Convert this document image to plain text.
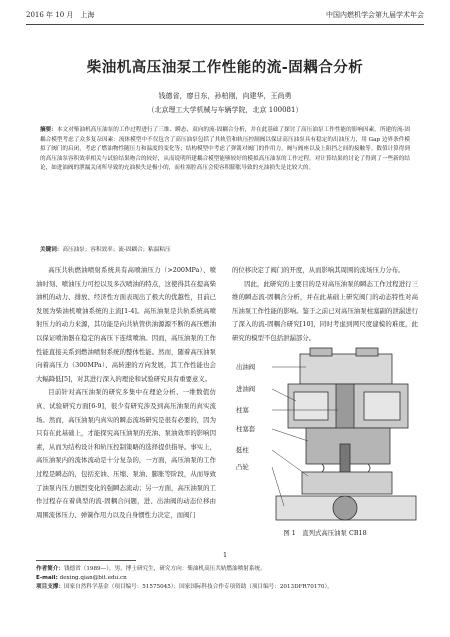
2016 年 10 月　上海	中国内燃机学会第九届学术年会
柴油机高压油泵工作性能的流-固耦合分析
钱德省，廖日东，孙柏刚，向建华，王尚勇
（北京理工大学机械与车辆学院，北京 100081）
摘要：本文对柴油机高压油泵的工作过程进行了三维、瞬态、双向的流-固耦合分析，并在此基础了探讨了高压油泵工作性能的影响因素。所建的流-固耦合模型考虑了众多复杂因素：流体模型中不仅包含了高压油泵包括了其轨管和轨压控制阀以保证高压油泵具有稳定的出油压力，用 Gap 边界条件模拟了阀门的启闭，考虑了燃油物性随压力和温度的变化等；结构模型中考虑了弹簧对阀门的作用力。阀与阀座以及上阻挡之间的接触等。数值计算得到的高压油泵容积效率相关与试验结果吻合的较好，从而说明所建耦合模型能够较好的模拟高压油泵的工作过程。对计算结果的讨论了得到了一些新的结论，如进油阀的泄漏关闭所导致的充油损失是极小的，而柱塞腔高压会使容积膨胀导致的充油损失是比较大的。
关键词：高压油泵；容积效率；流-固耦合；粘温粘压

高压共轨燃油喷射系统具有高喷油压力（>200MPa）、喷油时刻、喷油压力可控以及多次喷油的特点，这使得其在提高柴油机的动力、排放、经济性方面表现出了极大的优越性，目前已发展为柴油机喷油系统的主流[1-4]。高压油泵是共轨系统高喷射压力的动力来源，其功能是向共轨管供油源源不断的高压燃油以保证喷油器在稳定的高压下连续喷油。因而，高压油泵的工作性能直接关系到燃油喷射系统的整体性能。然而，随着高压油泵向着高压力（300MPa）、高转速的方向发展，其工作性能也会大幅降低[5]，对其进行深入的理论和试验研究具有重要意义。

目前针对高压油泵的研究多集中在理论分析、一维数值仿真、试验研究方面[6-9]，很少有研究涉及到高压油泵的真实流场。然而，高压油泵内真实的瞬态流场研究是很有必要的，因为只有在此基础上，才能探究高压油泵的充油、泵油效率的影响因素，从而为结构设计和轨压控制策略的选择提供指导。事实上，高压油泵内的流体流动是十分复杂的，一方面，高压油泵的工作过程是瞬态的，包括充油、压缩、泵油、膨胀等阶段，从而导致了油泵内压力剧烈变化的强瞬态流动；另一方面，高压油泵的工作过程存在着典型的流-固耦合问题，进、出油阀的动态位移由周围流体压力、弹簧作用力以及自身惯性力决定，而阀门

的位移决定了阀门的开度，从而影响其周围的流场压力分布。

因此，此研究的主要目的是对高压油泵的瞬态工作过程进行三维的瞬态流-固耦合分析，并在此基础上研究阀门的动态特性对高压油泵工作性能的影响。鉴于之前已对高压油泵柱塞副的泄漏进行了深入的流-固耦合研究[10]，同时考虑到网尺度建模的难度，此研究的模型不包括泄漏部分。

出油阀
进油阀
柱塞
柱塞套
挺柱
凸轮
图 1　直列式高压油泵 CB18
1
作者简介：钱德省（1989—），男，博士研究生，研究方向：柴油机高压共轨燃油喷射系统。
E-mail: dexing.qian@bit.edu.cn
项目支撑：国家自然科学基金（项目编号：51575045）；国家国际科技合作专项资助（项目编号：2013DFR70170）。
